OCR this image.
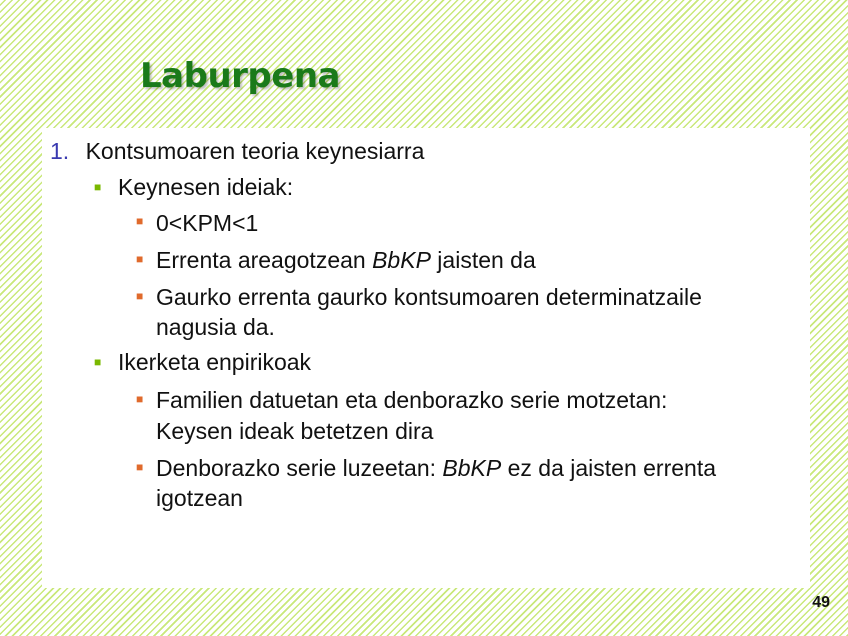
Laburpena
1. Kontsumoaren teoria keynesiarra
■ Keynesen ideiak:
■ 0<KPM<1
■ Errenta areagotzean BbKP jaisten da
■ Gaurko errenta gaurko kontsumoaren determinatzaile
nagusia da.
■ Ikerketa enpirikoak
■ Familien datuetan eta denborazko serie motzetan:
Keysen ideak betetzen dira
■ Denborazko serie luzeetan: BbKP ez da jaisten errenta
igotzean
49
